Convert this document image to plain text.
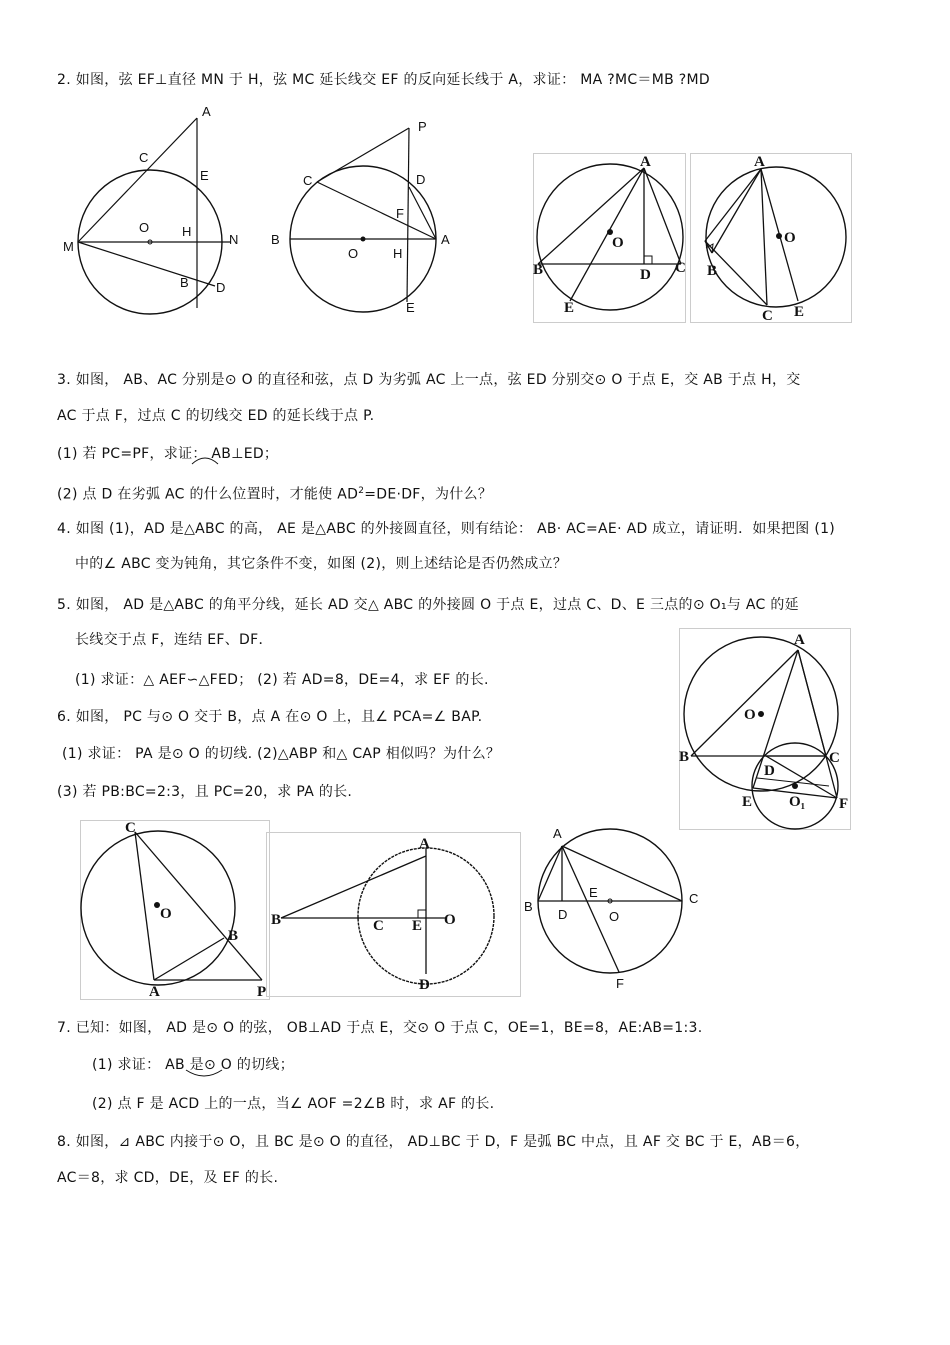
2. 如图，弦 EF⊥直径 MN 于 H，弦 MC 延长线交 EF 的反向延长线于 A，求证： MA ?MC＝MB ?MD
A
C
E
O	H
M	N
B D
P
C	D
F
B
O	H
A
E
A
O
B	D C
E
A
O
B
C E
3. 如图， AB、AC 分别是⊙ O 的直径和弦，点 D 为劣弧 AC 上一点，弦 ED 分别交⊙ O 于点 E，交 AB 于点 H，交
AC 于点 F，过点 C 的切线交 ED 的延长线于点 P.
(1) 若 PC=PF，求证： AB⊥ED；
(2) 点 D 在劣弧 AC 的什么位置时，才能使 $AD^2=DE\cdot DF$，为什么？
4. 如图 (1)，AD 是△ABC 的高， AE 是△ABC 的外接圆直径，则有结论： AB· AC=AE· AD 成立，请证明．如果把图 (1)
中的∠ ABC 变为钝角，其它条件不变，如图 (2)，则上述结论是否仍然成立？
5. 如图， AD 是△ABC 的角平分线，延长 AD 交△ ABC 的外接圆 O 于点 E，过点 C、D、E 三点的⊙ O₁与 AC 的延
长线交于点 F，连结 EF、DF．
(1) 求证：△ AEF∽△FED； (2) 若 AD=8，DE=4，求 EF 的长.
A
O
B	C
D
E O₁ F
6. 如图， PC 与⊙ O 交于 B，点 A 在⊙ O 上，且∠ PCA=∠ BAP.
(1) 求证： PA 是⊙ O 的切线. (2)△ABP 和△ CAP 相似吗？为什么？
(3) 若 PB:BC=2:3，且 PC=20，求 PA 的长.
C
O
B
A	P
A
B	C E O
D
A
B
D
E
O
C
F
7. 已知：如图， AD 是⊙ O 的弦， OB⊥AD 于点 E，交⊙ O 于点 C，OE=1，BE=8，AE:AB=1:3.
(1) 求证： AB 是⊙ O 的切线；
(2) 点 F 是 ACD 上的一点，当∠ AOF =2∠B 时，求 AF 的长.
8. 如图，⊿ ABC 内接于⊙ O，且 BC 是⊙ O 的直径， AD⊥BC 于 D，F 是弧 BC 中点，且 AF 交 BC 于 E，AB＝6，
AC＝8，求 CD，DE，及 EF 的长.
